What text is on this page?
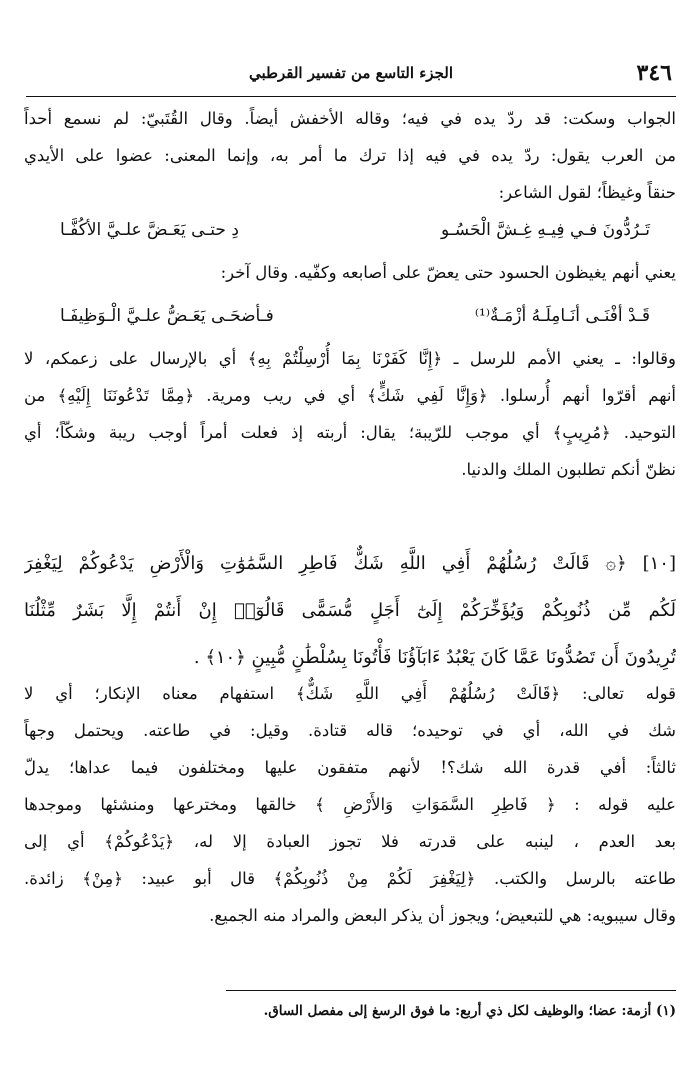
٣٤٦
الجزء التاسع من تفسير القرطبي
الجواب وسكت: قد ردّ يده في فيه؛ وقاله الأخفش أيضاً. وقال القُتَبيّ: لم نسمع أحداً
من العرب يقول: ردّ يده في فيه إذا ترك ما أمر به، وإنما المعنى: عضوا على الأيدي
حنقاً وغيظاً؛ لقول الشاعر:
تَـرُدُّونَ فـي فِيـهِ غِـشَّ الْحَسُـو
دِ حتـى يَعَـضَّ علـيَّ الأكُفَّـا
يعني أنهم يغيظون الحسود حتى يعضّ على أصابعه وكفّيه. وقال آخر:
قَـدْ أفْنَـى أنَـامِلَـهُ أزْمَـةٌ⁽¹⁾
فـأضحَـى يَعَـضُّ علـيَّ الْـوَظِيفَـا
وقالوا: ـ يعني الأمم للرسل ـ ﴿إِنَّا كَفَرْنَا بِمَا أُرْسِلْتُمْ بِهِ﴾ أي بالإرسال على زعمكم، لا
أنهم أقرّوا أنهم أُرسلوا. ﴿وَإِنَّا لَفِي شَكٍّ﴾ أي في ريب ومرية. ﴿مِمَّا تَدْعُونَنَا إِلَيْهِ﴾ من
التوحيد. ﴿مُرِيبٍ﴾ أي موجب للرّيبة؛ يقال: أربته إذ فعلت أمراً أوجب ريبة وشكّاً؛ أي
نظنّ أنكم تطلبون الملك والدنيا.
[١٠] ﴿۞ قَالَتْ رُسُلُهُمْ أَفِي اللَّهِ شَكٌّ فَاطِرِ السَّمَٰوَٰتِ وَالْأَرْضِ يَدْعُوكُمْ لِيَغْفِرَ
لَكُم مِّن ذُنُوبِكُمْ وَيُؤَخِّرَكُمْ إِلَىٰٓ أَجَلٍ مُّسَمًّى قَالُوٓا۟ إِنْ أَنتُمْ إِلَّا بَشَرٌ مِّثْلُنَا
تُرِيدُونَ أَن تَصُدُّونَا عَمَّا كَانَ يَعْبُدُ ءَابَآؤُنَا فَأْتُونَا بِسُلْطَٰنٍ مُّبِينٍ ﴿١٠﴾ .
قوله تعالى: ﴿قَالَتْ رُسُلُهُمْ أَفِي اللَّهِ شَكٌّ﴾ استفهام معناه الإنكار؛ أي لا
شك في الله، أي في توحيده؛ قاله قتادة. وقيل: في طاعته. ويحتمل وجهاً
ثالثاً: أفي قدرة الله شك؟! لأنهم متفقون عليها ومختلفون فيما عداها؛ يدلّ
عليه قوله : ﴿ فَاطِرِ السَّمَوَاتِ وَالأَرْضِ ﴾ خالقها ومخترعها ومنشئها وموجدها
بعد العدم ، لينبه على قدرته فلا تجوز العبادة إلا له، ﴿يَدْعُوكُمْ﴾ أي إلى
طاعته بالرسل والكتب. ﴿لِيَغْفِرَ لَكُمْ مِنْ ذُنُوبِكُمْ﴾ قال أبو عبيد: ﴿مِنْ﴾ زائدة.
وقال سيبويه: هي للتبعيض؛ ويجوز أن يذكر البعض والمراد منه الجميع.
(١) أزمة: عضا؛ والوظيف لكل ذي أربع: ما فوق الرسغ إلى مفصل الساق.
